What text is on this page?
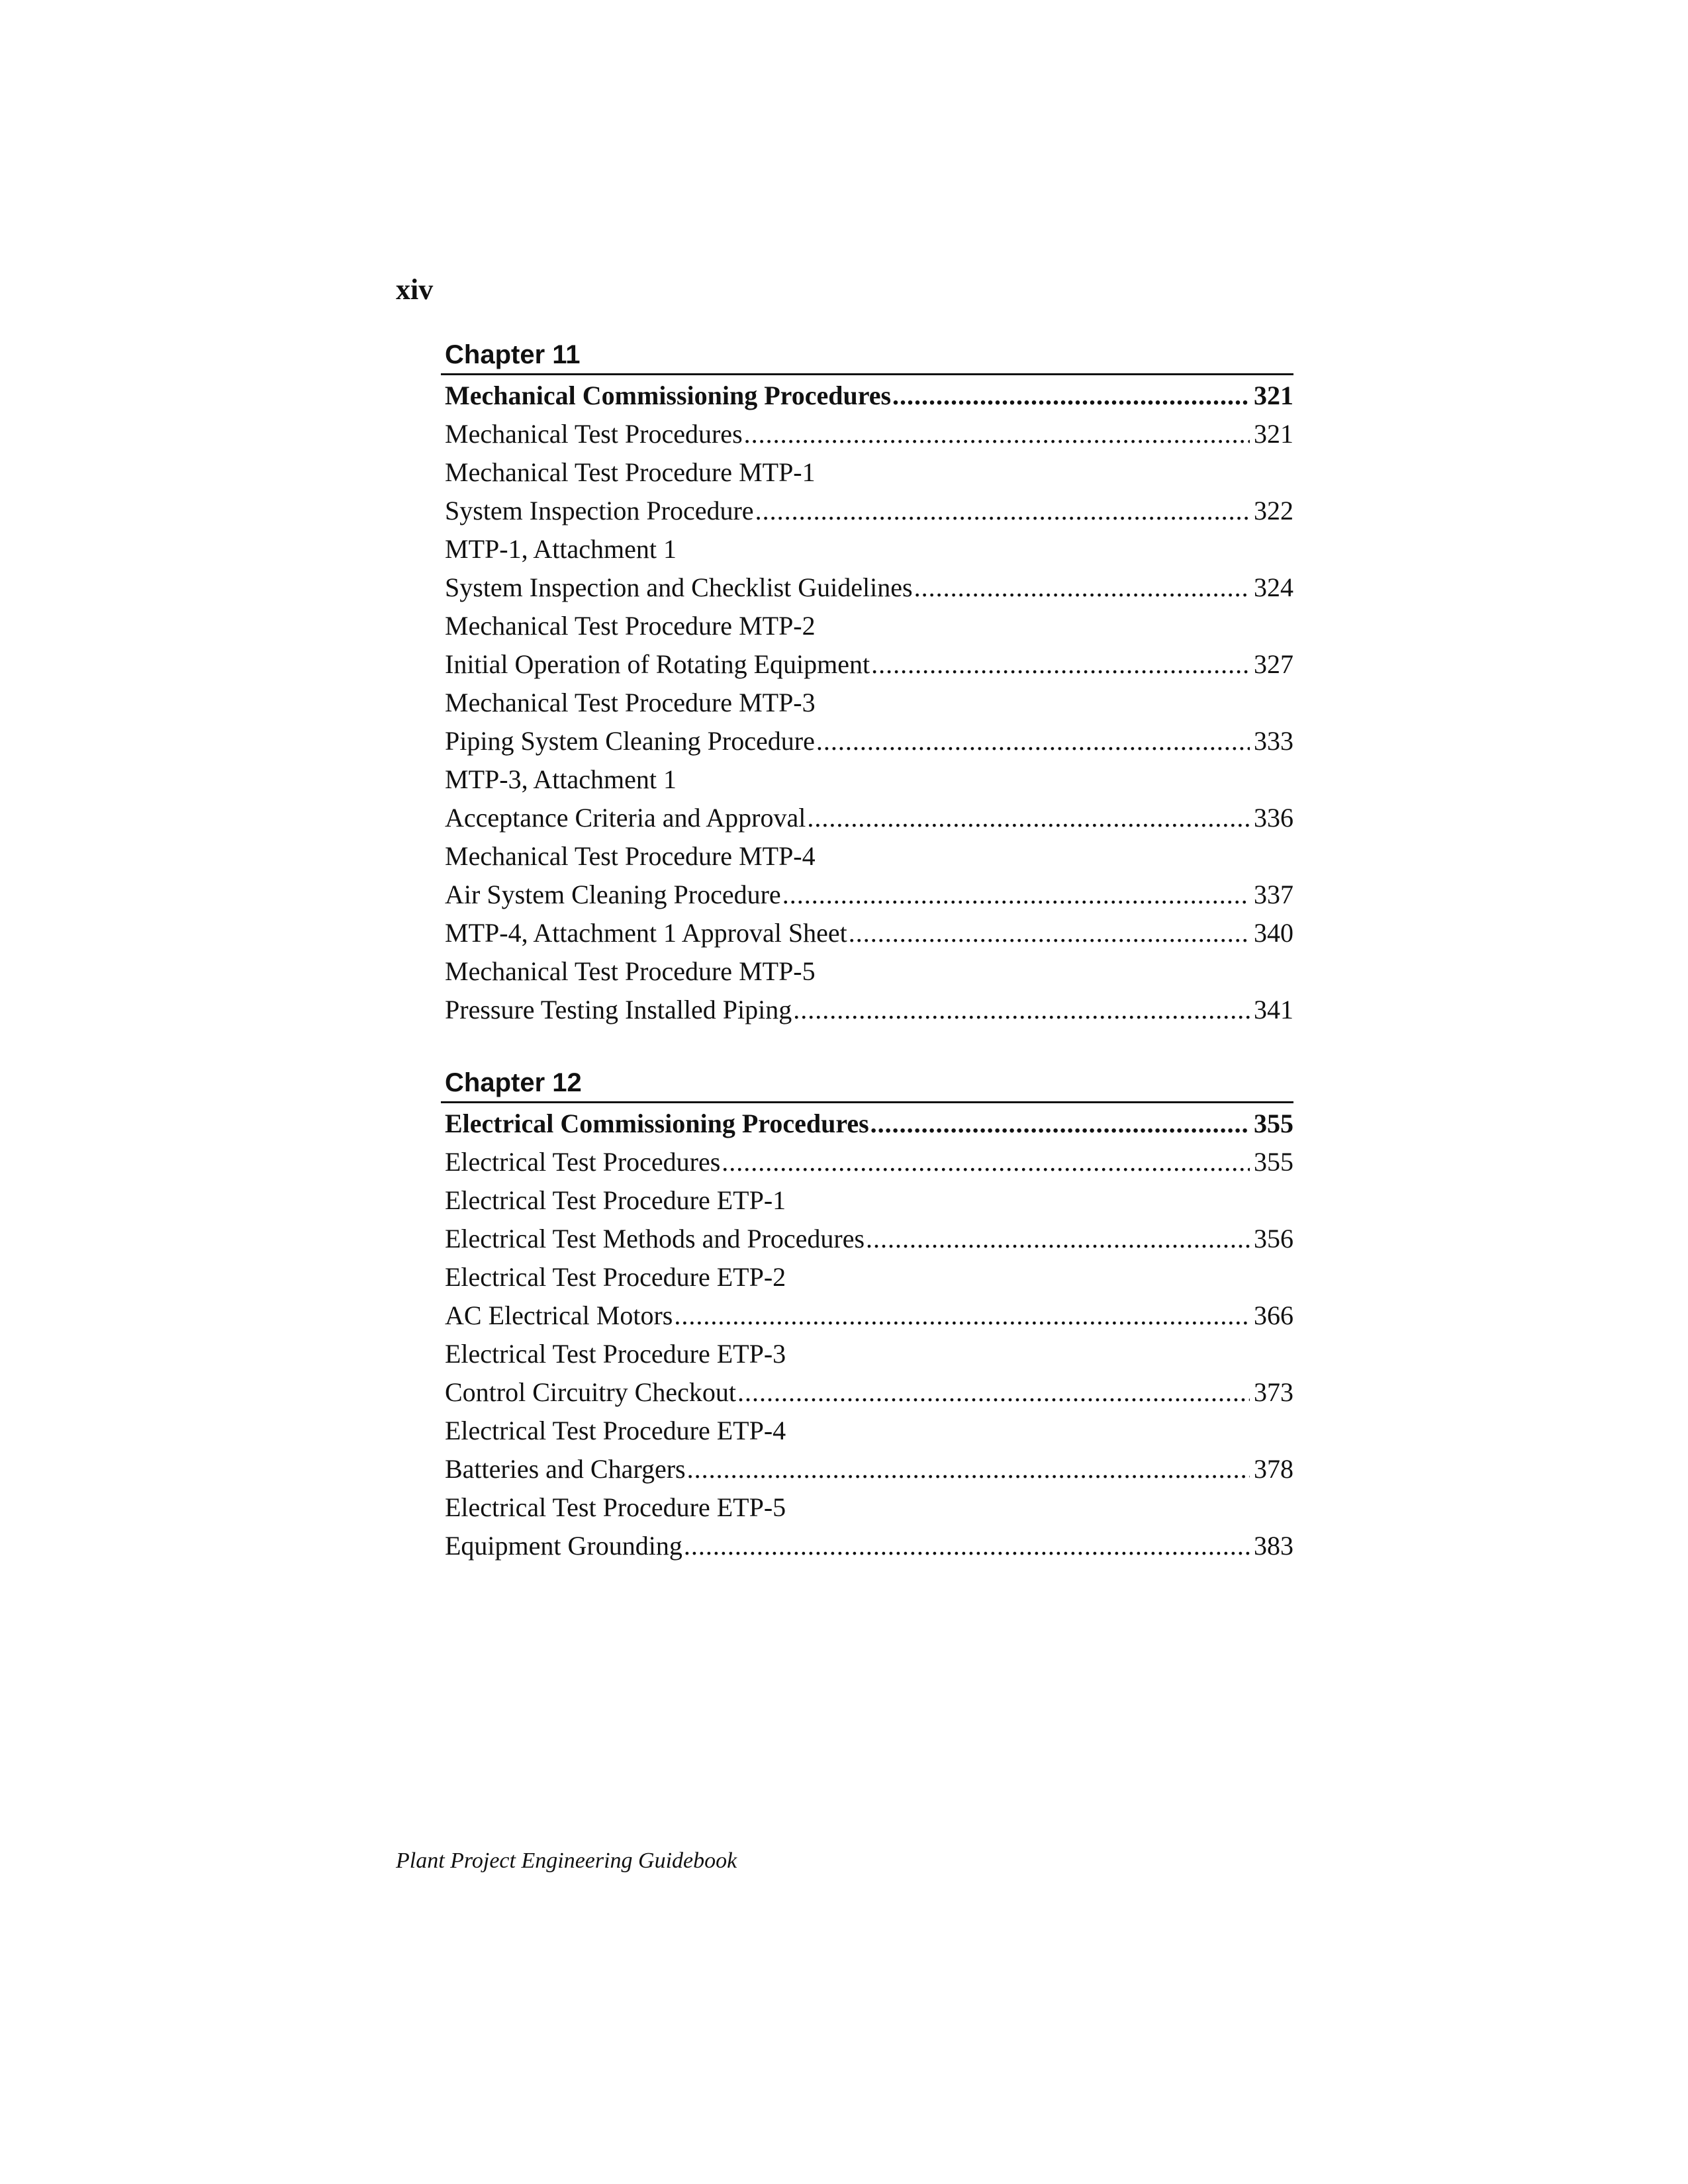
xiv
Chapter 11
Mechanical Commissioning Procedures .....	321
Mechanical Test Procedures .....	321
Mechanical Test Procedure MTP-1
System Inspection Procedure .....	322
MTP-1, Attachment 1
System Inspection and Checklist Guidelines .....	324
Mechanical Test Procedure MTP-2
Initial Operation of Rotating Equipment .....	327
Mechanical Test Procedure MTP-3
Piping System Cleaning Procedure .....	333
MTP-3, Attachment 1
Acceptance Criteria and Approval .....	336
Mechanical Test Procedure MTP-4
Air System Cleaning Procedure .....	337
MTP-4, Attachment 1 Approval Sheet .....	340
Mechanical Test Procedure MTP-5
Pressure Testing Installed Piping .....	341
Chapter 12
Electrical Commissioning Procedures .....	355
Electrical Test Procedures .....	355
Electrical Test Procedure ETP-1
Electrical Test Methods and Procedures .....	356
Electrical Test Procedure ETP-2
AC Electrical Motors .....	366
Electrical Test Procedure ETP-3
Control Circuitry Checkout .....	373
Electrical Test Procedure ETP-4
Batteries and Chargers .....	378
Electrical Test Procedure ETP-5
Equipment Grounding .....	383
Plant Project Engineering Guidebook
